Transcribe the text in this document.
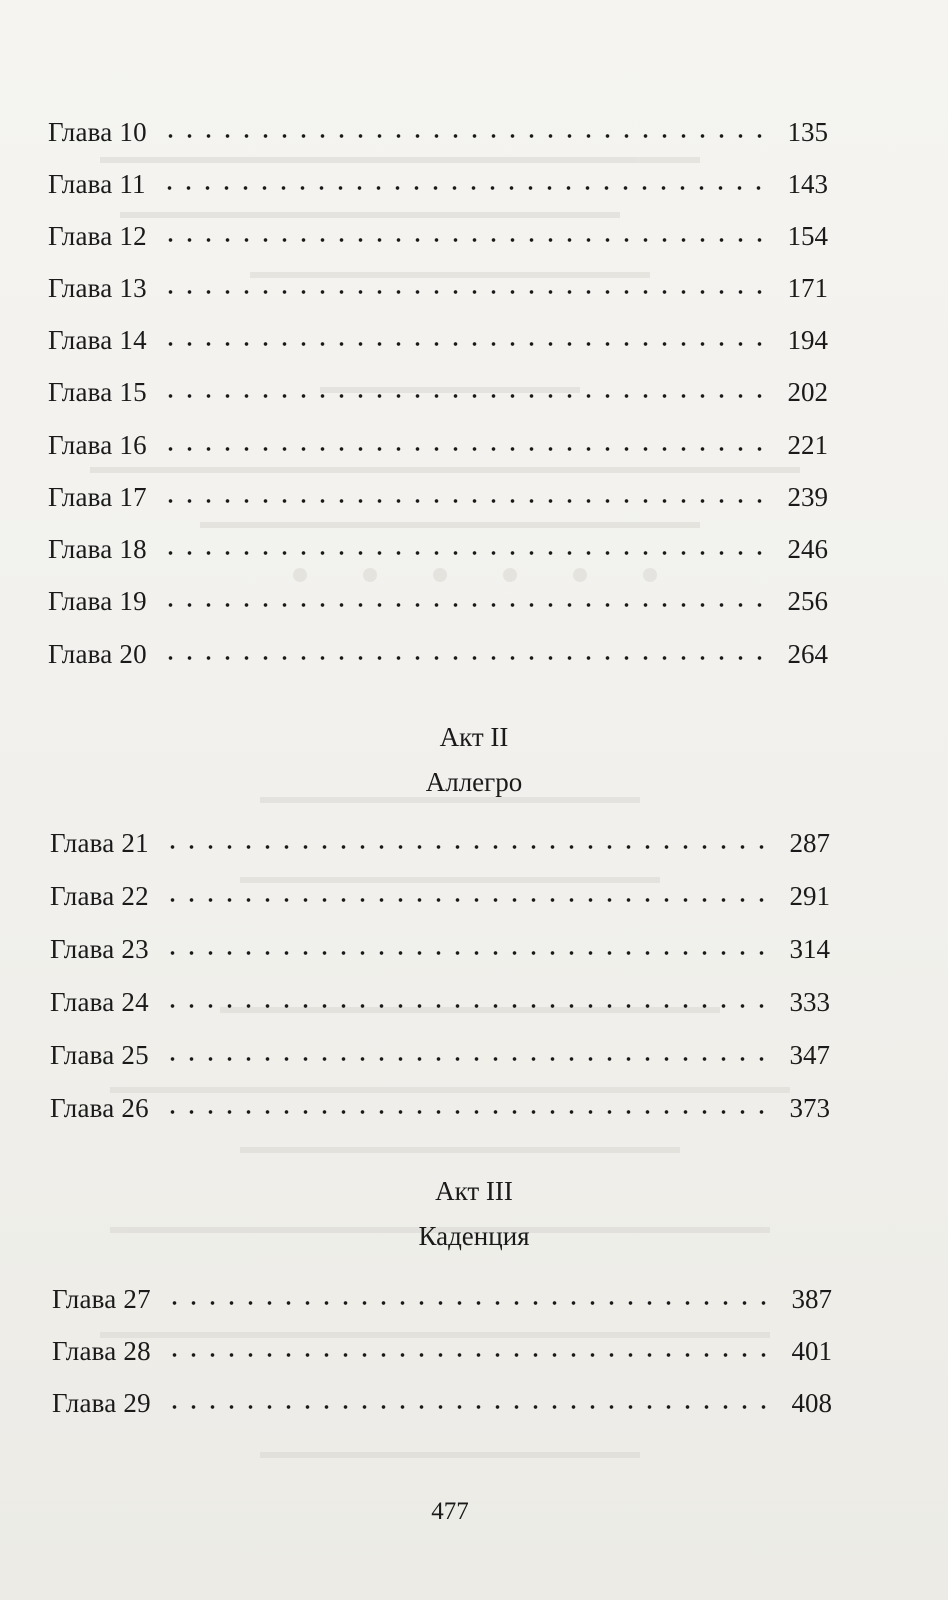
Глава 10	135
Глава 11	143
Глава 12	154
Глава 13	171
Глава 14	194
Глава 15	202
Глава 16	221
Глава 17	239
Глава 18	246
Глава 19	256
Глава 20	264
Акт II
Аллегро
Глава 21	287
Глава 22	291
Глава 23	314
Глава 24	333
Глава 25	347
Глава 26	373
Акт III
Каденция
Глава 27	387
Глава 28	401
Глава 29	408
477
